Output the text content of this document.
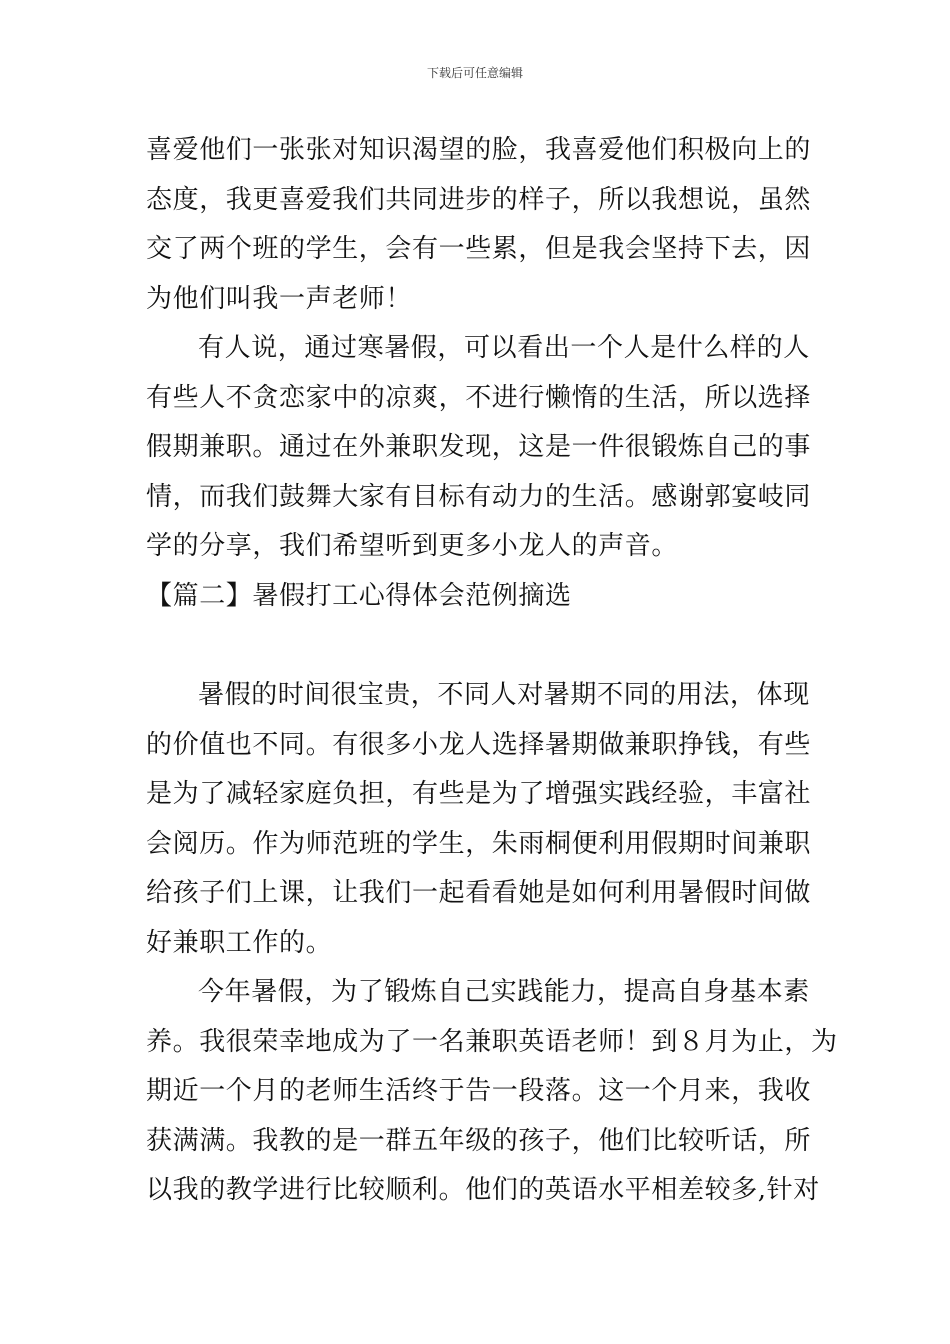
下载后可任意编辑
喜爱他们一张张对知识渴望的脸，我喜爱他们积极向上的
态度，我更喜爱我们共同进步的样子，所以我想说，虽然
交了两个班的学生，会有一些累，但是我会坚持下去，因
为他们叫我一声老师！
有人说，通过寒暑假，可以看出一个人是什么样的人
有些人不贪恋家中的凉爽，不进行懒惰的生活，所以选择
假期兼职。通过在外兼职发现，这是一件很锻炼自己的事
情，而我们鼓舞大家有目标有动力的生活。感谢郭宴岐同
学的分享，我们希望听到更多小龙人的声音。
【篇二】暑假打工心得体会范例摘选
暑假的时间很宝贵，不同人对暑期不同的用法，体现
的价值也不同。有很多小龙人选择暑期做兼职挣钱，有些
是为了减轻家庭负担，有些是为了增强实践经验，丰富社
会阅历。作为师范班的学生，朱雨桐便利用假期时间兼职
给孩子们上课，让我们一起看看她是如何利用暑假时间做
好兼职工作的。
今年暑假，为了锻炼自己实践能力，提高自身基本素
养。我很荣幸地成为了一名兼职英语老师！到８月为止，为
期近一个月的老师生活终于告一段落。这一个月来，我收
获满满。我教的是一群五年级的孩子，他们比较听话，所
以我的教学进行比较顺利。他们的英语水平相差较多,针对
